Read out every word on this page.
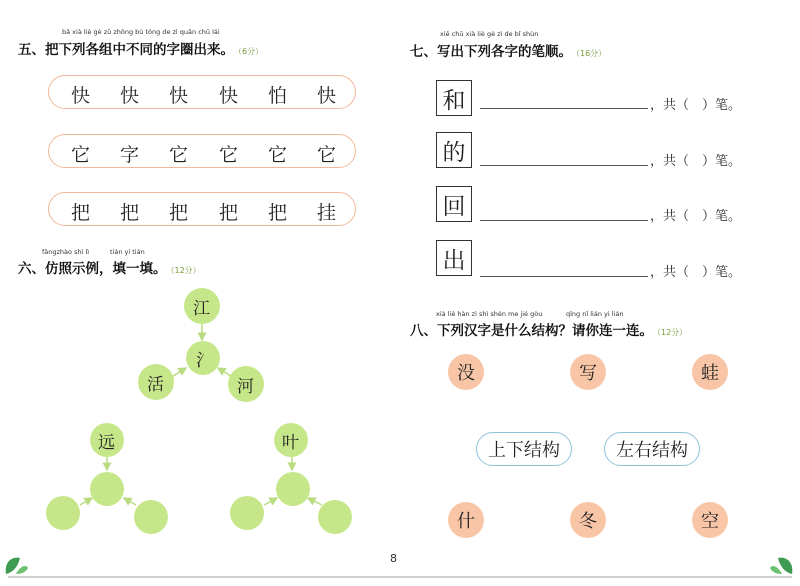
bǎ xià liè gè zǔ zhōng bù tóng de zì quān chū lái
五、把下列各组中不同的字圈出来。 （6分）
快 快 快 快 怕 快
它 字 它 它 它 它
把 把 把 把 把 挂
fǎngzhào shì lì	tián yi tián
六、仿照示例，填一填。 （12分）
江
氵
活	河
远	叶
xiě chū xià liè gè zì de bǐ shùn
七、写出下列各字的笔顺。 （16分）
和	，共（　）笔。
的	，共（　）笔。
回	，共（　）笔。
出	，共（　）笔。
xià liè hàn zì shì shén me jié gòu	qǐng nǐ lián yi lián
八、下列汉字是什么结构？请你连一连。 （12分）
没	写	蛙
上下结构	左右结构
什	冬	空
8
